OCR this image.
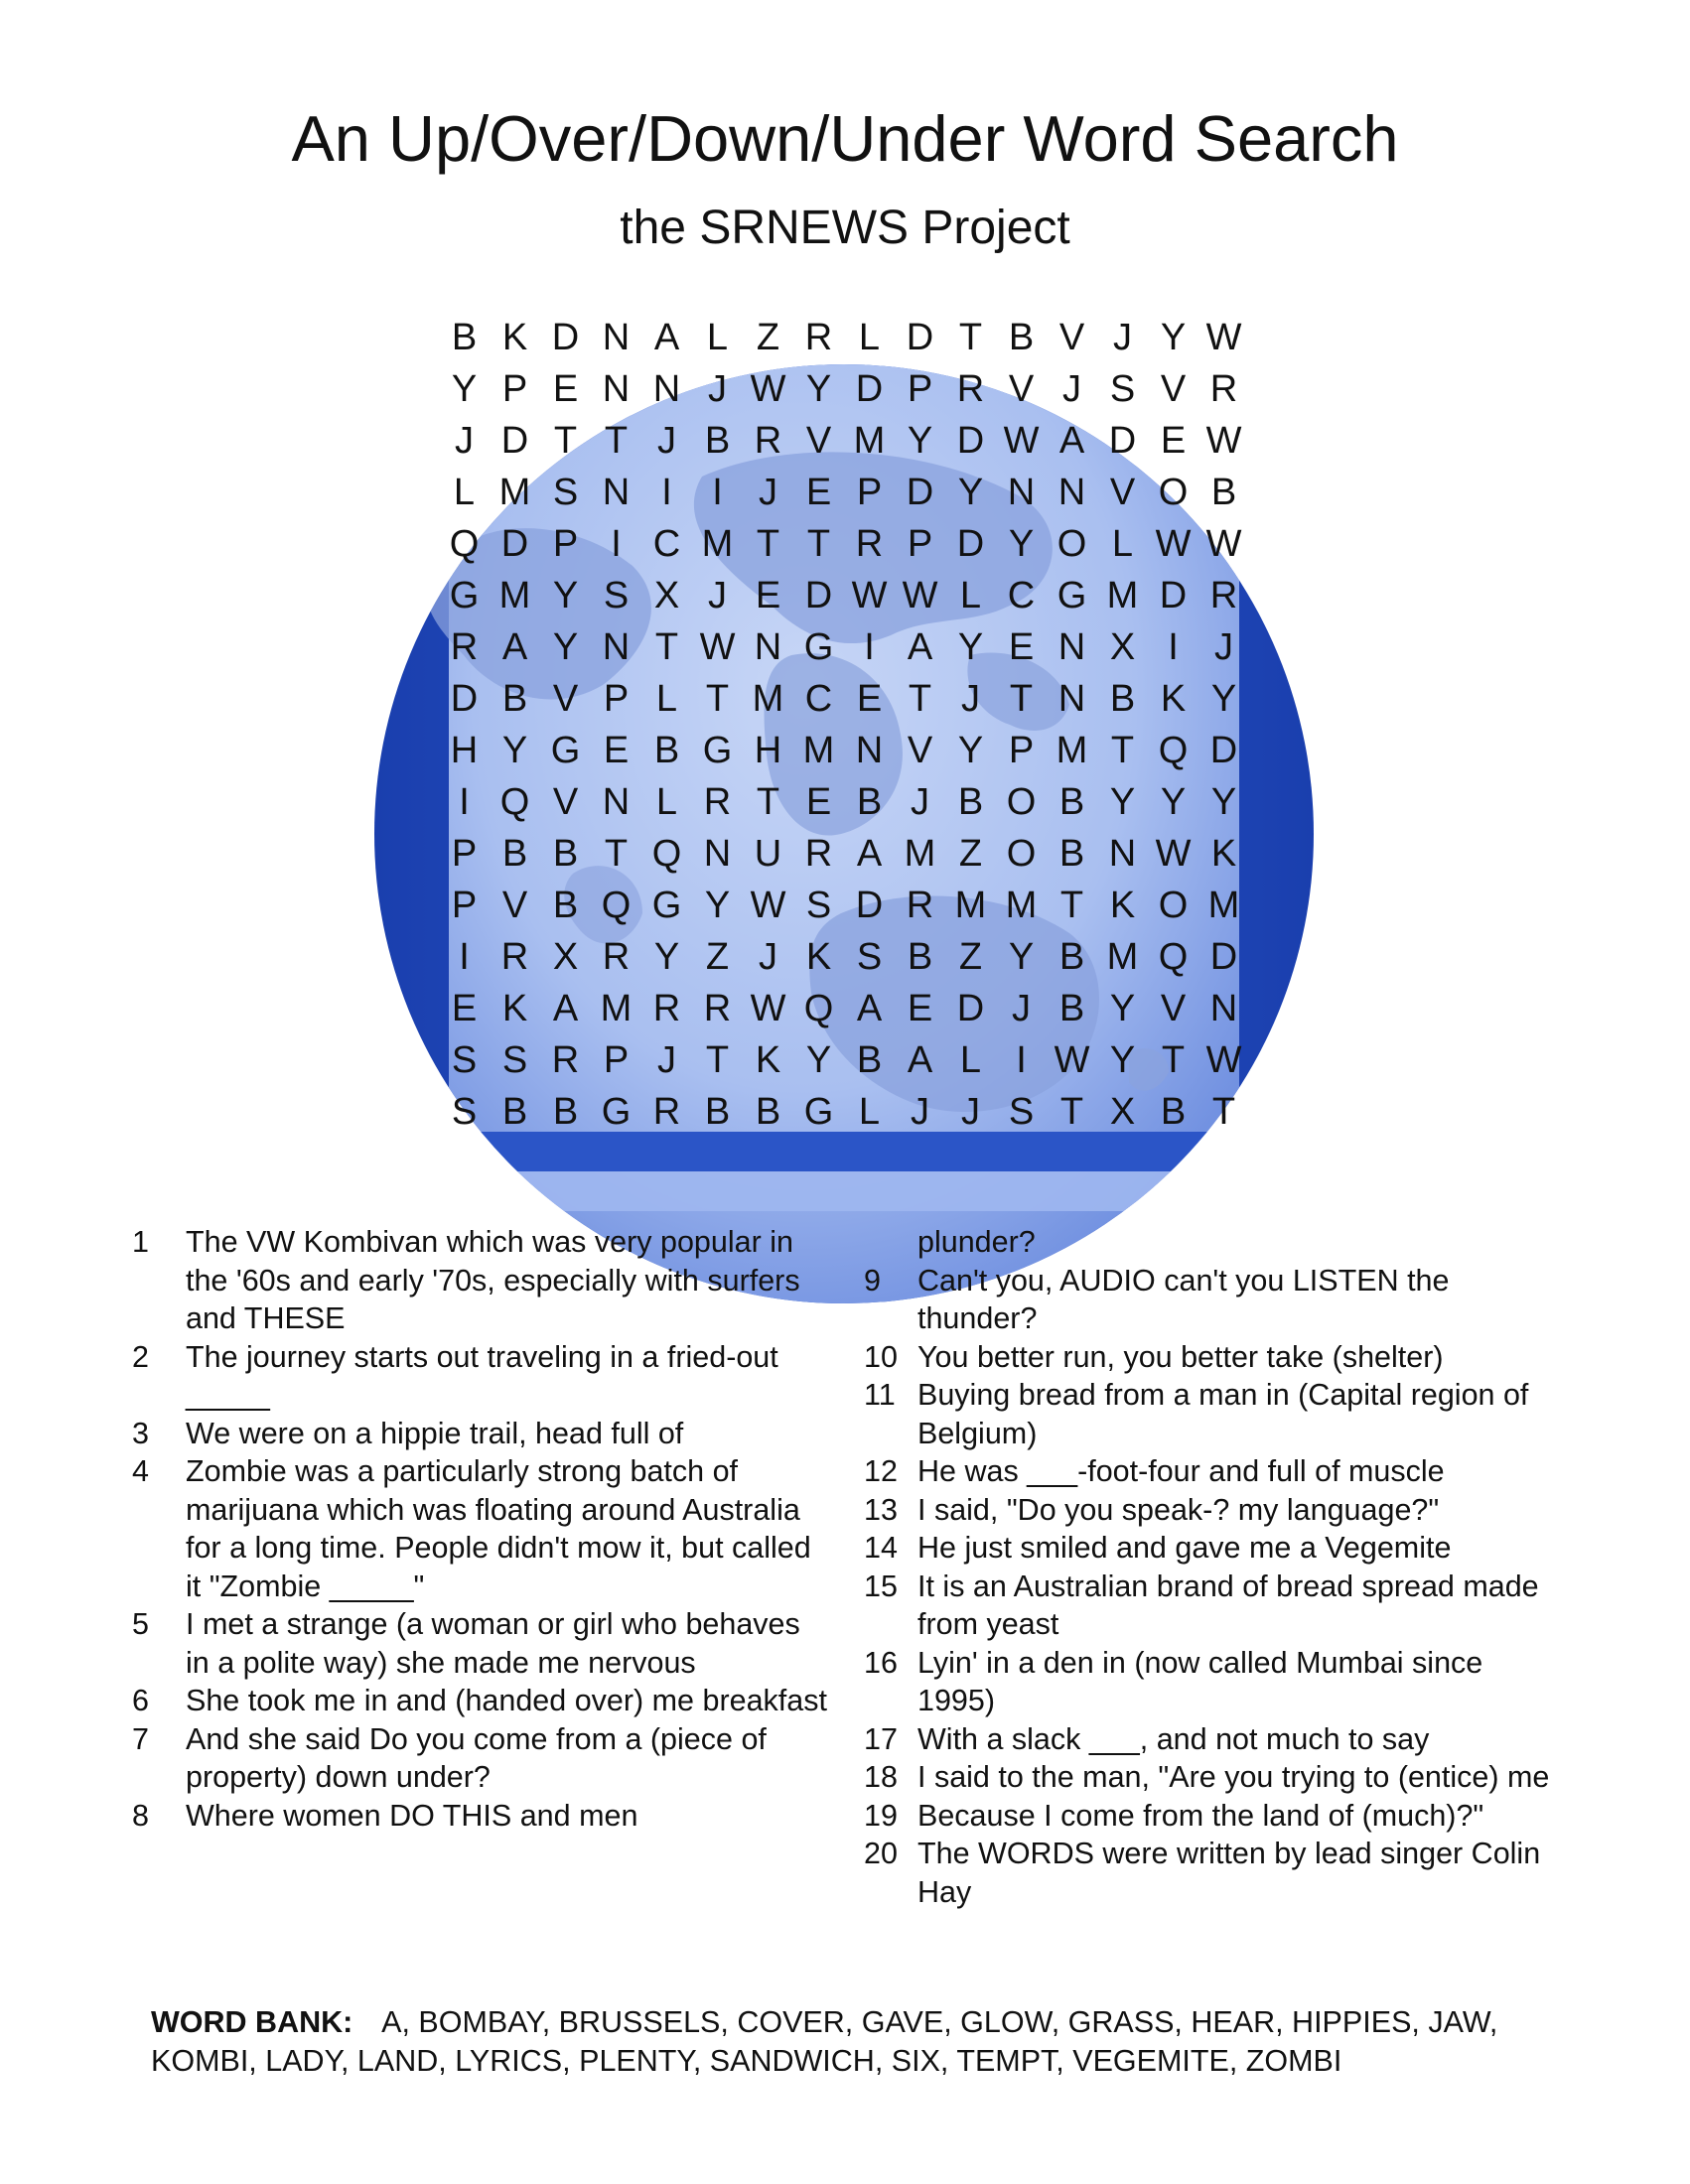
An Up/Over/Down/Under Word Search
the SRNEWS Project
B K D N A L Z R L D T B V J Y W
Y P E N N J W Y D P R V J S V R
J D T T J B R V M Y D W A D E W
L M S N I	I J E P D Y N N V O B
Q D P I C M T T R P D Y O L W W
G M Y S X J E D W W L C G M D R
R A Y N T W N G I A Y E N X I J
D B V P L T M C E T J T N B K Y
H Y G E B G H M N V Y P M T Q D
I Q V N L R T E B J B O B Y Y Y
P B B T Q N U R A M Z O B N W K
P V B Q G Y W S D R M M T K O M
I R X R Y Z J K S B Z Y B M Q D
E K A M R R W Q A E D J B Y V N
S S R P J T K Y B A L I W Y T W
S B B G R B B G L J J S T X B T
1	The VW Kombivan which was very popular in the '60s and early '70s, especially with surfers and THESE
2	The journey starts out traveling in a fried-out _____
3	We were on a hippie trail, head full of
4	Zombie was a particularly strong batch of marijuana which was floating around Australia for a long time. People didn't mow it, but called it "Zombie _____"
5	I met a strange (a woman or girl who behaves in a polite way) she made me nervous
6	She took me in and (handed over) me breakfast
7	And she said Do you come from a (piece of property) down under?
8	Where women DO THIS and men
plunder?
9	Can't you, AUDIO can't you LISTEN the thunder?
10 You better run, you better take (shelter)
11 Buying bread from a man in (Capital region of Belgium)
12 He was ___-foot-four and full of muscle
13 I said, "Do you speak-? my language?"
14 He just smiled and gave me a Vegemite
15 It is an Australian brand of bread spread made from yeast
16 Lyin' in a den in (now called Mumbai since 1995)
17 With a slack ___, and not much to say
18 I said to the man, "Are you trying to (entice) me
19 Because I come from the land of (much)?"
20 The WORDS were written by lead singer Colin Hay
WORD BANK: A, BOMBAY, BRUSSELS, COVER, GAVE, GLOW, GRASS, HEAR, HIPPIES, JAW, KOMBI, LADY, LAND, LYRICS, PLENTY, SANDWICH, SIX, TEMPT, VEGEMITE, ZOMBI
